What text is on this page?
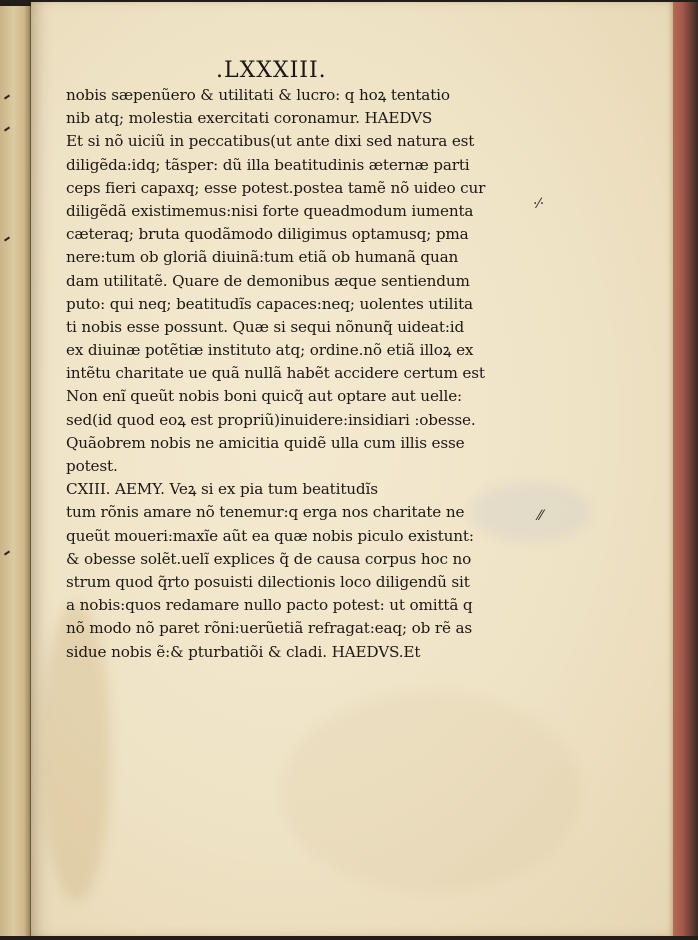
.LXXXIII.
nobis sæpenũero & utilitati & lucro: q hoꝝ tentatio
nib atq; molestia exercitati coronamur. HAEDVS
Et si nõ uiciũ in peccatibus(ut ante dixi sed natura est
diligẽda:idq; tãsper: dũ illa beatitudinis æternæ parti
ceps fieri capaxq; esse potest.postea tamẽ nõ uideo cur
diligẽdã existimemus:nisi forte queadmodum iumenta
cæteraq; bruta quodãmodo diligimus optamusq; pma
nere:tum ob gloriã diuinã:tum etiã ob humanã quan
dam utilitatẽ. Quare de demonibus æque sentiendum
puto: qui neq; beatitudĩs capaces:neq; uolentes utilita
ti nobis esse possunt. Quæ si sequi nõnunq̃ uideat:id
ex diuinæ potẽtiæ instituto atq; ordine.nõ etiã illoꝝ ex
intẽtu charitate ue quã nullã habẽt accidere certum est
Non enĩ queũt nobis boni quicq̃ aut optare aut uelle:
sed(id quod eoꝝ est propriũ)inuidere:insidiari :obesse.
Quãobrem nobis ne amicitia quidẽ ulla cum illis esse
potest.
CXIII. AEMY. Veꝝ si ex pia tum beatitudĩs
tum rõnis amare nõ tenemur:q erga nos charitate ne
queũt moueri:maxĩe aũt ea quæ nobis piculo existunt:
& obesse solẽt.uelĩ explices q̃ de causa corpus hoc no
strum quod q̃rto posuisti dilectionis loco diligendũ sit
a nobis:quos redamare nullo pacto potest: ut omittã q
nõ modo nõ paret rõni:uerũetiã refragat:eaq; ob rẽ as
sidue nobis ẽ:& pturbatiõi & cladi. HAEDVS.Et
·⁄·
⁄⁄
